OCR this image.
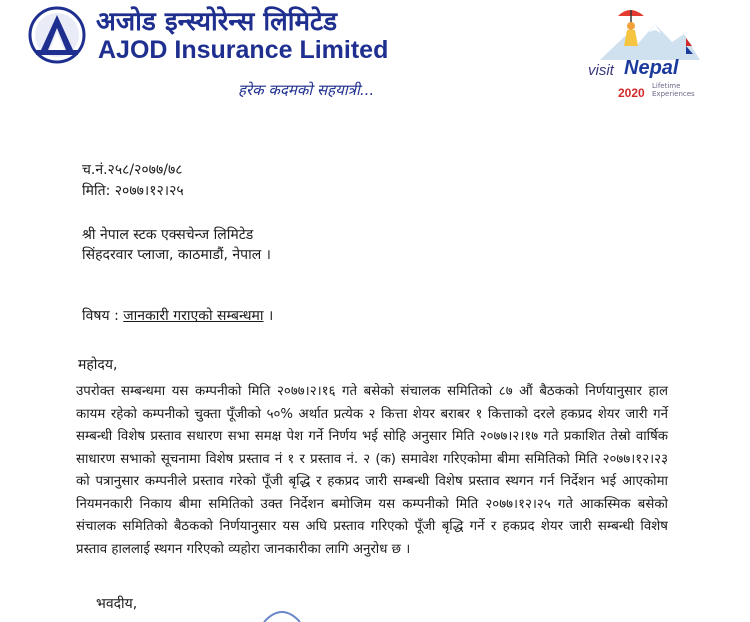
अजोड इन्स्योरेन्स लिमिटेड
AJOD Insurance Limited
हरेक कदमको सहयात्री...
visit Nepal
2020 Lifetime
Experiences
च.नं.२५८/२०७७/७८
मिति: २०७७।१२।२५
श्री नेपाल स्टक एक्सचेन्ज लिमिटेड
सिंहदरवार प्लाजा, काठमाडौं, नेपाल ।
विषय : जानकारी गराएको सम्बन्धमा ।
महोदय,
उपरोक्त सम्बन्धमा यस कम्पनीको मिति २०७७।२।१६ गते बसेको संचालक समितिको ८७ औं बैठकको निर्णयानुसार हाल कायम रहेको कम्पनीको चुक्ता पूँजीको ५०% अर्थात प्रत्येक २ कित्ता शेयर बराबर १ कित्ताको दरले हकप्रद शेयर जारी गर्ने सम्बन्धी विशेष प्रस्ताव सधारण सभा समक्ष पेश गर्ने निर्णय भई सोहि अनुसार मिति २०७७।२।१७ गते प्रकाशित तेस्रो वार्षिक साधारण सभाको सूचनामा विशेष प्रस्ताव नं १ र प्रस्ताव नं. २ (क) समावेश गरिएकोमा बीमा समितिको मिति २०७७।१२।२३ को पत्रानुसार कम्पनीले प्रस्ताव गरेको पूँजी बृद्धि र हकप्रद जारी सम्बन्धी विशेष प्रस्ताव स्थगन गर्न निर्देशन भई आएकोमा नियमनकारी निकाय बीमा समितिको उक्त निर्देशन बमोजिम यस कम्पनीको मिति २०७७।१२।२५ गते आकस्मिक बसेको संचालक समितिको बैठकको निर्णयानुसार यस अघि प्रस्ताव गरिएको पूँजी बृद्धि गर्ने र हकप्रद शेयर जारी सम्बन्धी विशेष प्रस्ताव हाललाई स्थगन गरिएको व्यहोरा जानकारीका लागि अनुरोध छ ।
भवदीय,
